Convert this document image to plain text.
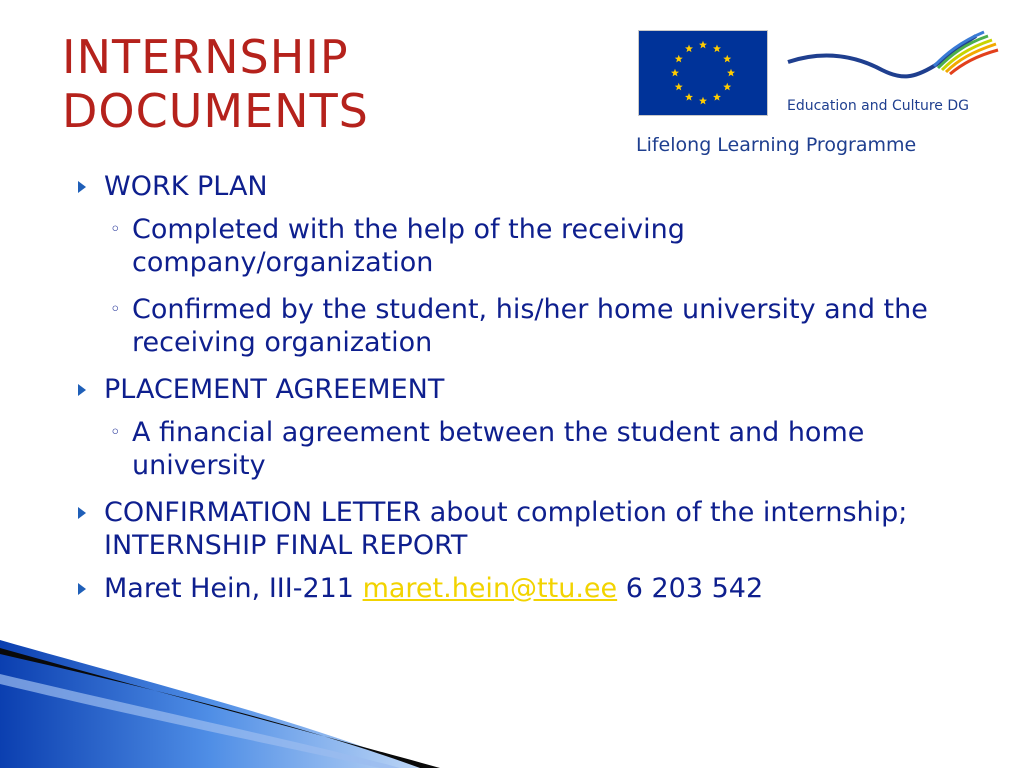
INTERNSHIP
DOCUMENTS	Education and Culture DG
Lifelong Learning Programme
WORK PLAN
◦ Completed with the help of the receiving company/organization
◦ Confirmed by the student, his/her home university and the receiving organization
PLACEMENT AGREEMENT
◦ A financial agreement between the student and home university
CONFIRMATION LETTER about completion of the internship; INTERNSHIP FINAL REPORT
Maret Hein, III-211 maret.hein@ttu.ee 6 203 542
